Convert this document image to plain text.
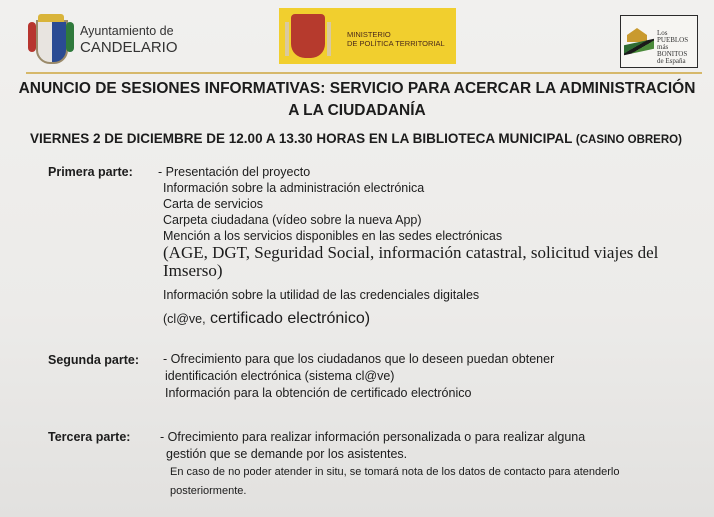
Ayuntamiento de
CANDELARIO
MINISTERIO
DE POLÍTICA TERRITORIAL
Los PUEBLOS más BONITOS de España
ANUNCIO DE SESIONES INFORMATIVAS: SERVICIO PARA ACERCAR LA ADMINISTRACIÓN
A LA CIUDADANÍA
VIERNES 2 DE DICIEMBRE DE 12.00 A 13.30 HORAS EN LA BIBLIOTECA MUNICIPAL (CASINO OBRERO)
Primera parte: - Presentación del proyecto
Información sobre la administración electrónica
Carta de servicios
Carpeta ciudadana (vídeo sobre la nueva App)
Mención a los servicios disponibles en las sedes electrónicas
(AGE, DGT, Seguridad Social, información catastral, solicitud viajes del
Imserso)
Información sobre la utilidad de las credenciales digitales
(cl@ve, certificado electrónico)
Segunda parte: - Ofrecimiento para que los ciudadanos que lo deseen puedan obtener
identificación electrónica (sistema cl@ve)
Información para la obtención de certificado electrónico
Tercera parte: - Ofrecimiento para realizar información personalizada o para realizar alguna
gestión que se demande por los asistentes.
En caso de no poder atender in situ, se tomará nota de los datos de contacto para atenderlo
posteriormente.
